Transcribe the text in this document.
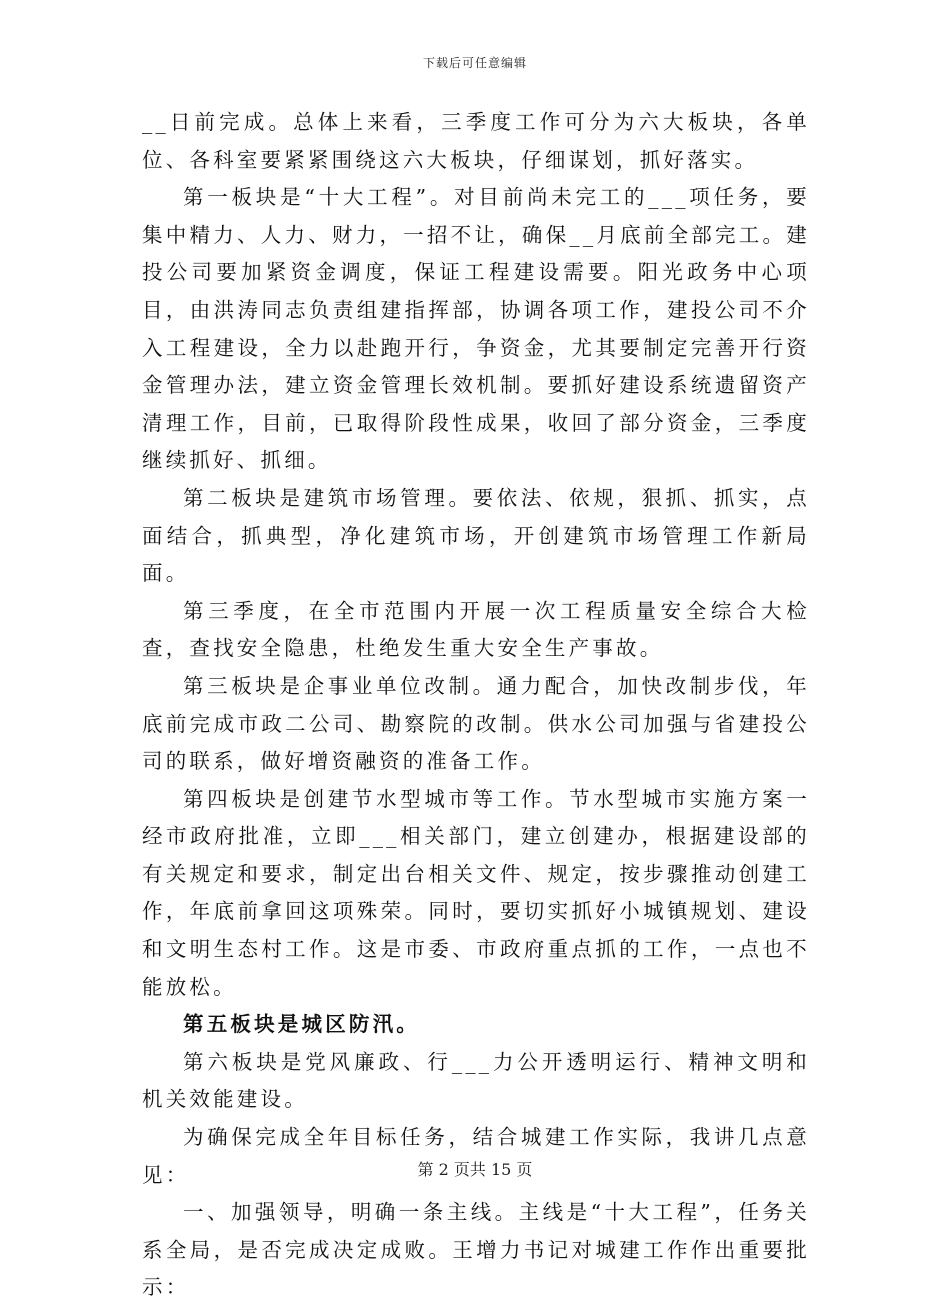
下载后可任意编辑

__日前完成。总体上来看，三季度工作可分为六大板块，各单位、各科室要紧紧围绕这六大板块，仔细谋划，抓好落实。

第一板块是“十大工程”。对目前尚未完工的___项任务，要集中精力、人力、财力，一招不让，确保__月底前全部完工。建投公司要加紧资金调度，保证工程建设需要。阳光政务中心项目，由洪涛同志负责组建指挥部，协调各项工作，建投公司不介入工程建设，全力以赴跑开行，争资金，尤其要制定完善开行资金管理办法，建立资金管理长效机制。要抓好建设系统遗留资产清理工作，目前，已取得阶段性成果，收回了部分资金，三季度继续抓好、抓细。

第二板块是建筑市场管理。要依法、依规，狠抓、抓实，点面结合，抓典型，净化建筑市场，开创建筑市场管理工作新局面。

第三季度，在全市范围内开展一次工程质量安全综合大检查，查找安全隐患，杜绝发生重大安全生产事故。

第三板块是企事业单位改制。通力配合，加快改制步伐，年底前完成市政二公司、勘察院的改制。供水公司加强与省建投公司的联系，做好增资融资的准备工作。

第四板块是创建节水型城市等工作。节水型城市实施方案一经市政府批准，立即___相关部门，建立创建办，根据建设部的有关规定和要求，制定出台相关文件、规定，按步骤推动创建工作，年底前拿回这项殊荣。同时，要切实抓好小城镇规划、建设和文明生态村工作。这是市委、市政府重点抓的工作，一点也不能放松。

第五板块是城区防汛。

第六板块是党风廉政、行___力公开透明运行、精神文明和机关效能建设。

为确保完成全年目标任务，结合城建工作实际，我讲几点意见：

一、加强领导，明确一条主线。主线是“十大工程”，任务关系全局，是否完成决定成败。王增力书记对城建工作作出重要批示：

第 2 页共 15 页
